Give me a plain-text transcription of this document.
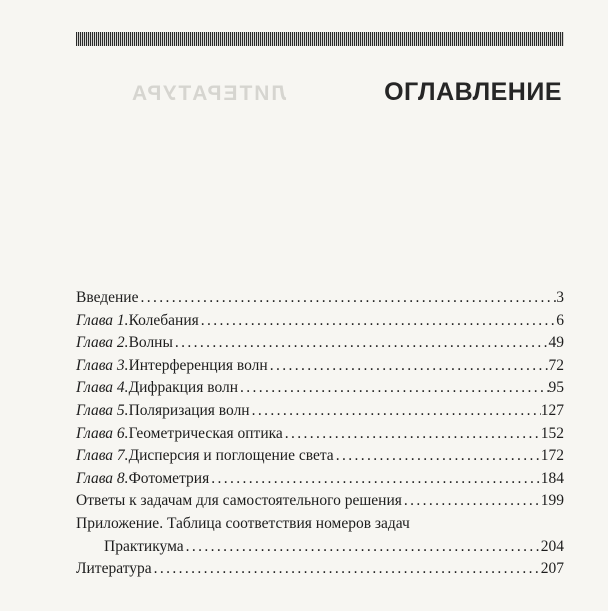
ЛИТЕРАТУРА	ОГЛАВЛЕНИЕ
Введение . . .	3
Глава 1. Колебания . . .	6
Глава 2. Волны . . .	49
Глава 3. Интерференция волн . . .	72
Глава 4. Дифракция волн . . .	95
Глава 5. Поляризация волн . . .	127
Глава 6. Геометрическая оптика . . .	152
Глава 7. Дисперсия и поглощение света . . .	172
Глава 8. Фотометрия . . .	184
Ответы к задачам для самостоятельного решения . . .	199
Приложение. Таблица соответствия номеров задач
Практикума . . .	204
Литература . . .	207
